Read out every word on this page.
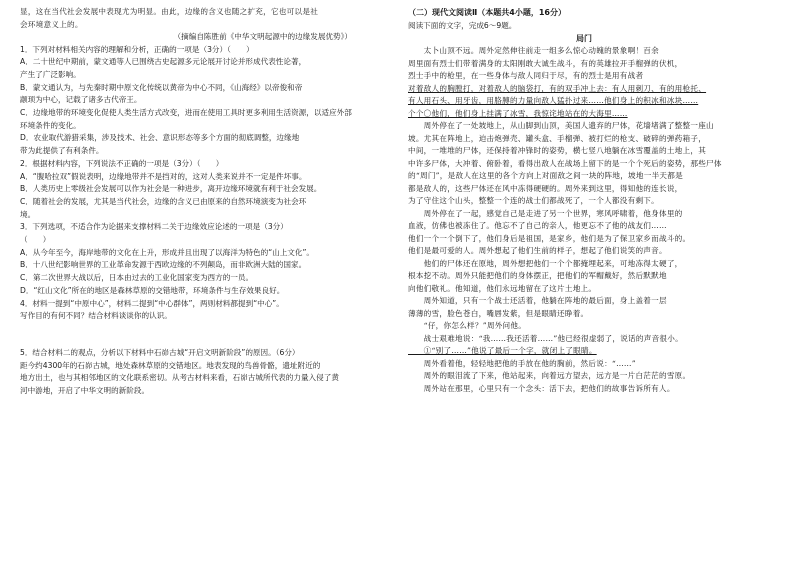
显，这在当代社会发展中表现尤为明显。由此，边缘的含义也随之扩充，它也可以是社

会环境意义上的。

（摘编自陈胜前《中华文明起源中的边缘发展优势》）

1．下列对材料相关内容的理解和分析，正确的一项是（3分）（　　）

A．二十世纪中期前，蒙文通等人已围绕古史起源多元论展开讨论并形成代表性论著，

产生了广泛影响。

B．蒙文通认为，与先秦时期中原文化传统以黄帝为中心不同，《山海经》以帝俊和帝

颛顼为中心，记载了诸多古代帝王。

C．边缘地带的环境变化促使人类生活方式改变，进而在使用工具时更多利用生活资源，以适应外部

环境条件的变化。

D．农业取代游猎采集，涉及技术、社会、意识形态等多个方面的彻底调整，边缘地

带为此提供了有利条件。

2．根据材料内容，下列说法不正确的一项是（3分）（　　）

A．“腹哈拉双”假说表明，边缘地带并不是挡对的，这对人类来说并不一定是件坏事。

B．人类历史上零级社会发展可以作为社会是一种进步，离开边缘环境就有利于社会发展。

C．随着社会的发展，尤其是当代社会，边缘的含义已由原来的自然环境演变为社会环

境。

3．下列选项，不适合作为论据来支撑材料二关于边缘效应论述的一项是（3分）

（　　）

A．从今年至今，海岸地带的文化在上升，形成并且出现了以海洋为特色的“山上文化”。

B．十八世纪影响世界的工业革命发源于西欧边缘的不列颠岛，而非欧洲大陆的国家。

C．第二次世界大战以后，日本由过去的工业化国家变为西方的一员。

D．“红山文化”所在的地区是森林草原的交错地带，环境条件与生存效果良好。

4．材料一提到“中原中心”，材料二提到“中心群体”，两则材料都提到“中心”。

写作目的有何不同？结合材料谈谈你的认识。

5．结合材料二的观点，分析以下材料中石峁古城“开启文明新阶段”的原因。（6分）

距今约4300年的石峁古城，地处森林草原的交错地区。地表发现的鸟兽骨骼，遗址附近的

地方出土，也与其相邻地区的文化联系密切。从考古材料来看，石峁古城所代表的力量入侵了黄

河中游地，开启了中华文明的新阶段。

（二）现代文阅读Ⅱ（本题共4小题，16分）

阅读下面的文字，完成6～9题。

局门

　　太卜山顶不远。周外定然伸往前走一组多么惊心动魄的景象啊！百余

周里面有烈士们带着满身的太阳刚敢大诚生战斗，有的英雄拉开手榴弹的伏机，

烈士手中的枪里，在一些身体与敌人同归于尽，有的烈士是用有战者

对着敌人的胸膛打，对着敌人的脑袋打，有的双手冲上去：有人用刺刀、有的用枪托、

有人用石头、用牙齿，用胳膊的力量向敌人猛扑过来……他们身上的积冰和冰块……

个个〇他们，他们身上挂满了冰雪，我惊诧地站在的大海里……

　　周外停在了一处坡地上，从山脚到山顶，美国人遗弃的尸体，花墙堵满了整整一座山

坡。尤其在阵地上，迫击炮弹壳、罐头盒、手榴弹、被打烂的枪支、破碎的弹药箱子，

中间，一堆堆的尸体，还保持着冲锋时的姿势，横七竖八地躺在冰雪覆盖的土地上，其

中许多尸体，大冲着、俯卧着，看得出敌人在战场上留下的是一个个死后的姿势，那些尸体

的“周门”，是敌人在这里的各个方向上对面敌之间一块的阵地，坡地一半天都是

都是敌人的，这些尸体还在风中冻得硬硬的。周外来到这里，得知他的连长说，

为了守住这个山头，整整一个连的战士们都战死了，一个人都没有剩下。

　　周外停在了一起，感觉自己是走进了另一个世界，寒风呼啸着，他身体里的

血液，仿佛也被冻住了。他忘不了自己的亲人，他更忘不了他的战友们……

他们一个一个倒下了，他们身后是祖国，是家乡，他们是为了保卫家乡而战斗的。

他们是最可爱的人。周外想起了他们生前的样子，想起了他们说笑的声音。

　　他们的尸体还在原地，周外想把他们一个个都掩埋起来，可地冻得太硬了，

根本挖不动。周外只能把他们的身体摆正，把他们的军帽戴好，然后默默地

向他们敬礼。他知道，他们永远地留在了这片土地上。

　　周外知道，只有一个战士还活着，他躺在阵地的最后面，身上盖着一层

薄薄的雪，脸色苍白，嘴唇发紫，但是眼睛还睁着。

　　“仔，你怎么样？”周外问他。

　　战士艰难地说：“我……我还活着……”他已经很虚弱了，说话的声音很小。

　　①“别了……”他说了最后一个字，就闭上了眼睛。

　　周外看着他，轻轻地把他的手放在他的胸前，然后说：“……”

　　周外的眼泪流了下来，他站起来，向着远方望去，远方是一片白茫茫的雪原。

　　周外站在那里，心里只有一个念头：活下去，把他们的故事告诉所有人。
